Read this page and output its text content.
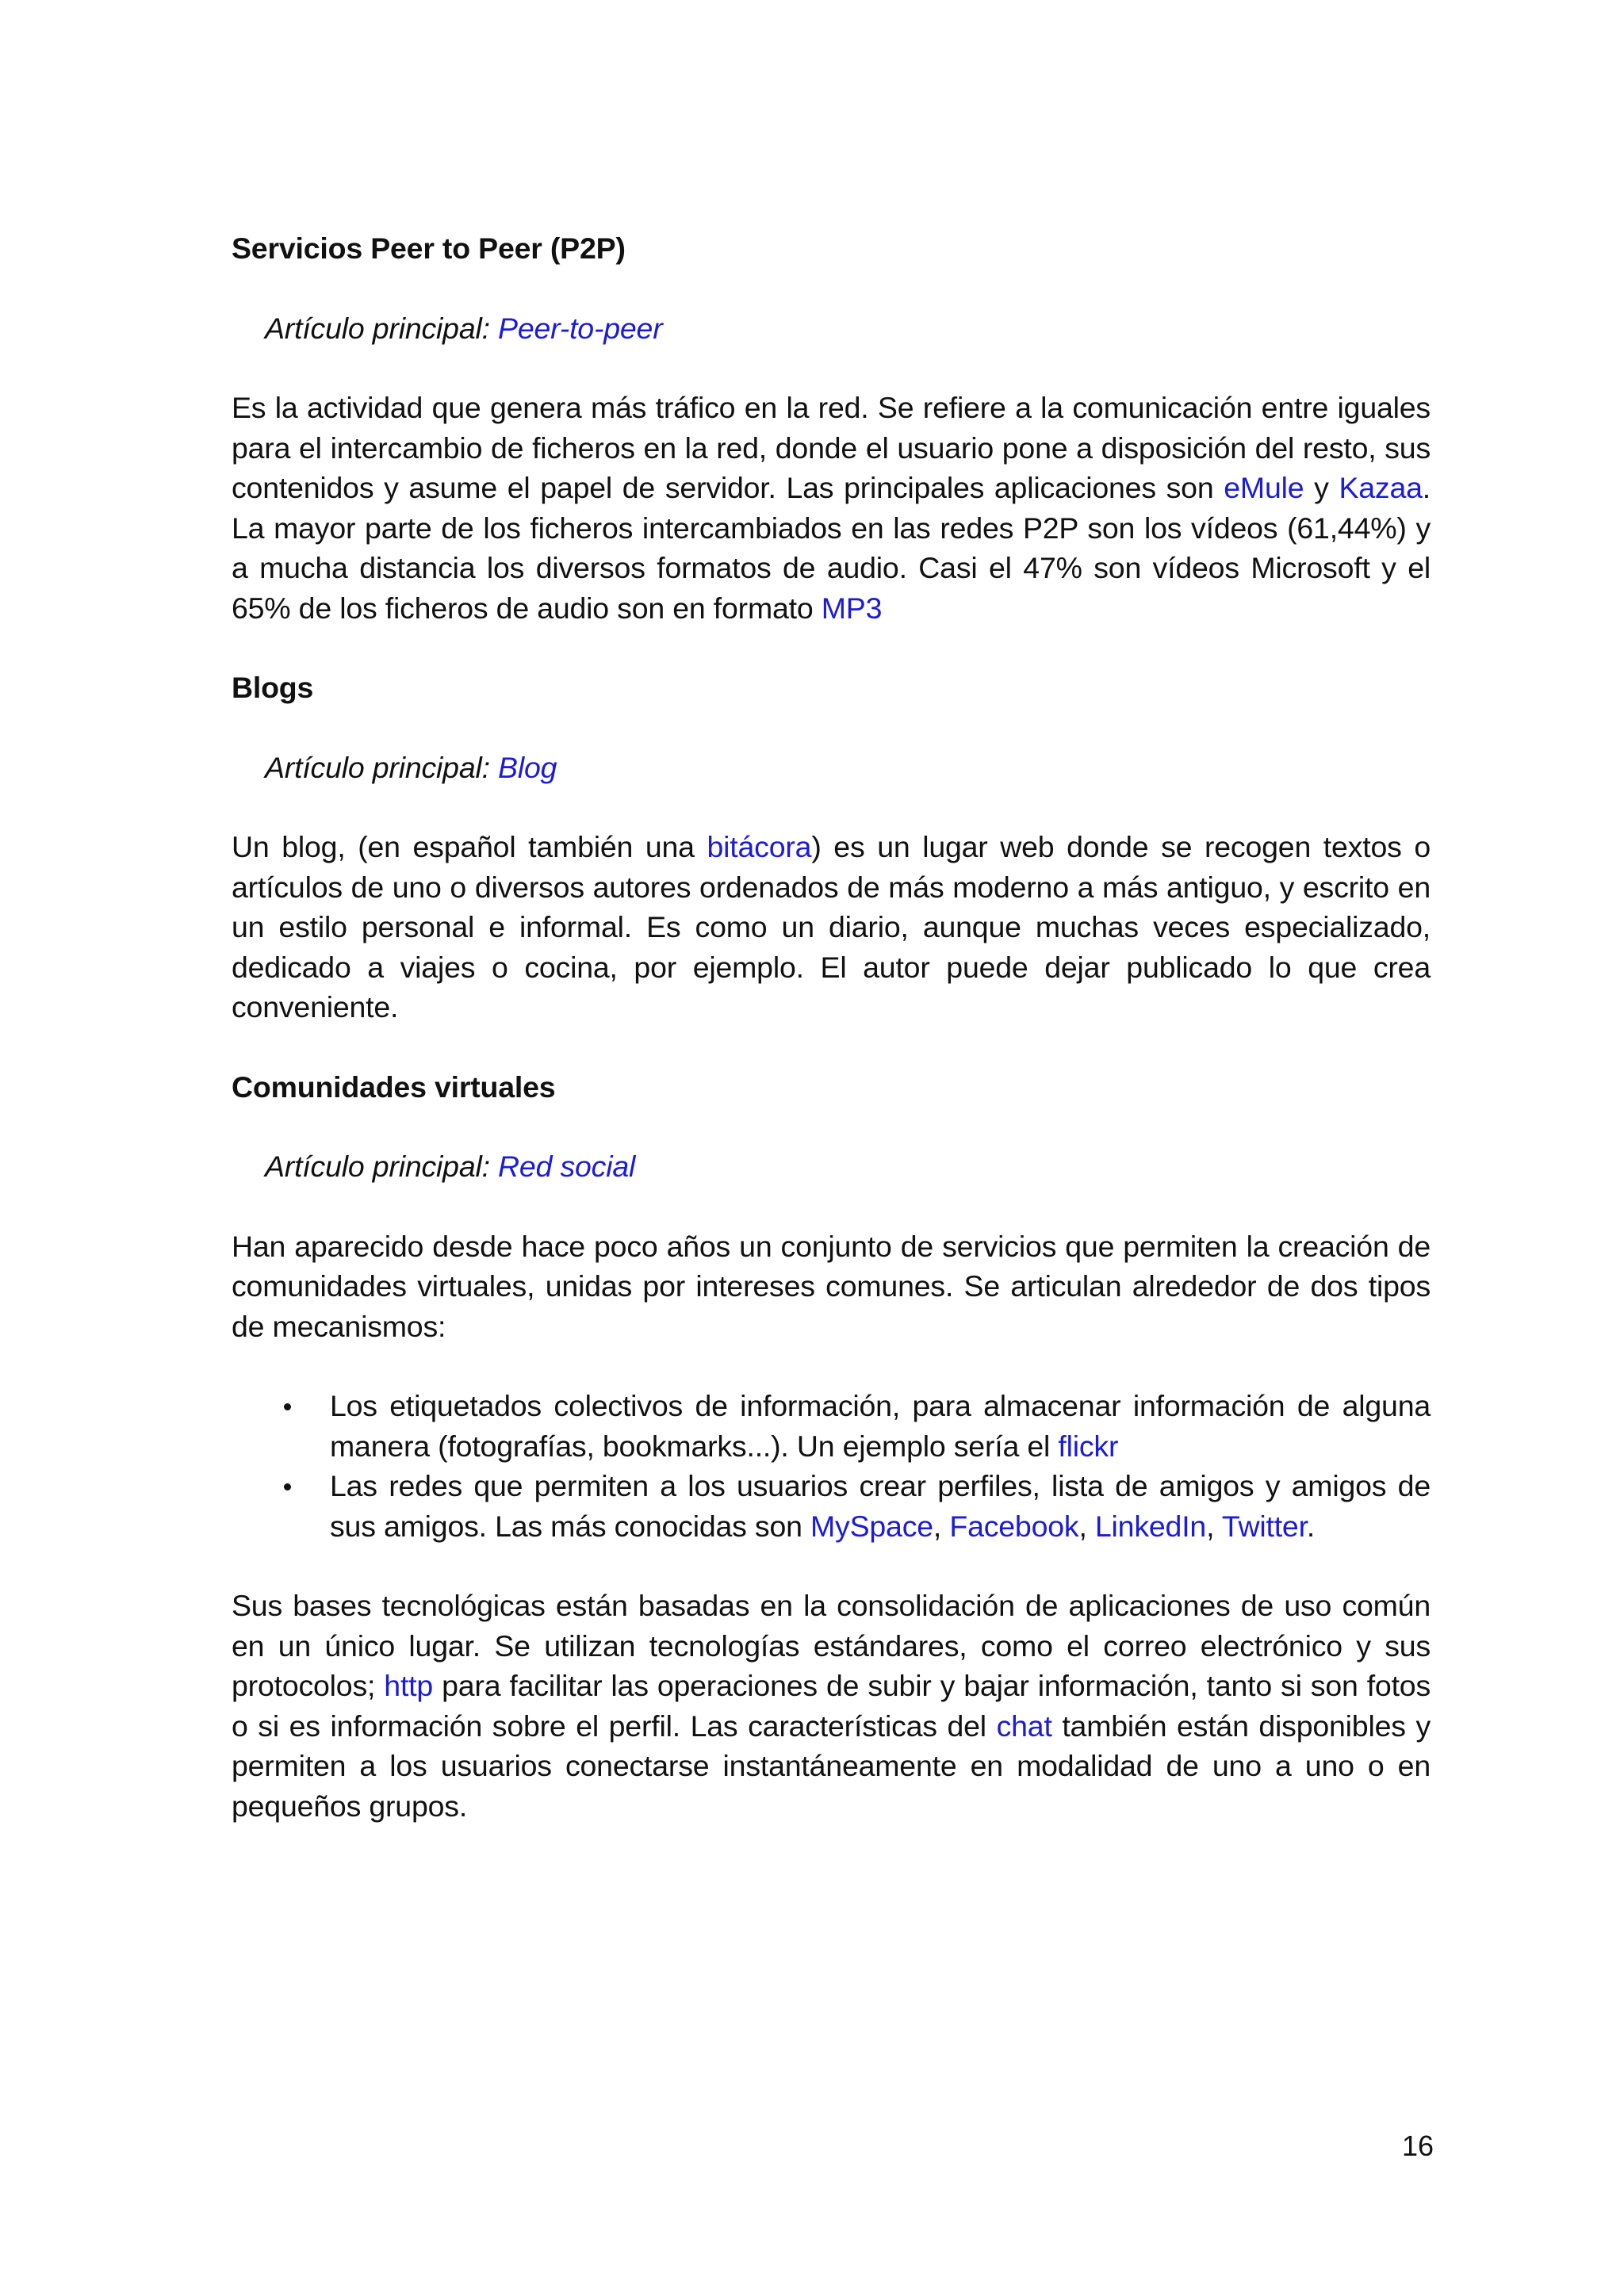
Servicios Peer to Peer (P2P)
Artículo principal: Peer-to-peer

Es la actividad que genera más tráfico en la red. Se refiere a la comunicación entre iguales para el intercambio de ficheros en la red, donde el usuario pone a disposición del resto, sus contenidos y asume el papel de servidor. Las principales aplicaciones son eMule y Kazaa. La mayor parte de los ficheros intercambiados en las redes P2P son los vídeos (61,44%) y a mucha distancia los diversos formatos de audio. Casi el 47% son vídeos Microsoft y el 65% de los ficheros de audio son en formato MP3

Blogs
Artículo principal: Blog

Un blog, (en español también una bitácora) es un lugar web donde se recogen textos o artículos de uno o diversos autores ordenados de más moderno a más antiguo, y escrito en un estilo personal e informal. Es como un diario, aunque muchas veces especializado, dedicado a viajes o cocina, por ejemplo. El autor puede dejar publicado lo que crea conveniente.

Comunidades virtuales
Artículo principal: Red social

Han aparecido desde hace poco años un conjunto de servicios que permiten la creación de comunidades virtuales, unidas por intereses comunes. Se articulan alrededor de dos tipos de mecanismos:

Los etiquetados colectivos de información, para almacenar información de alguna manera (fotografías, bookmarks...). Un ejemplo sería el flickr
Las redes que permiten a los usuarios crear perfiles, lista de amigos y amigos de sus amigos. Las más conocidas son MySpace, Facebook, LinkedIn, Twitter.

Sus bases tecnológicas están basadas en la consolidación de aplicaciones de uso común en un único lugar. Se utilizan tecnologías estándares, como el correo electrónico y sus protocolos; http para facilitar las operaciones de subir y bajar información, tanto si son fotos o si es información sobre el perfil. Las características del chat también están disponibles y permiten a los usuarios conectarse instantáneamente en modalidad de uno a uno o en pequeños grupos.

16
